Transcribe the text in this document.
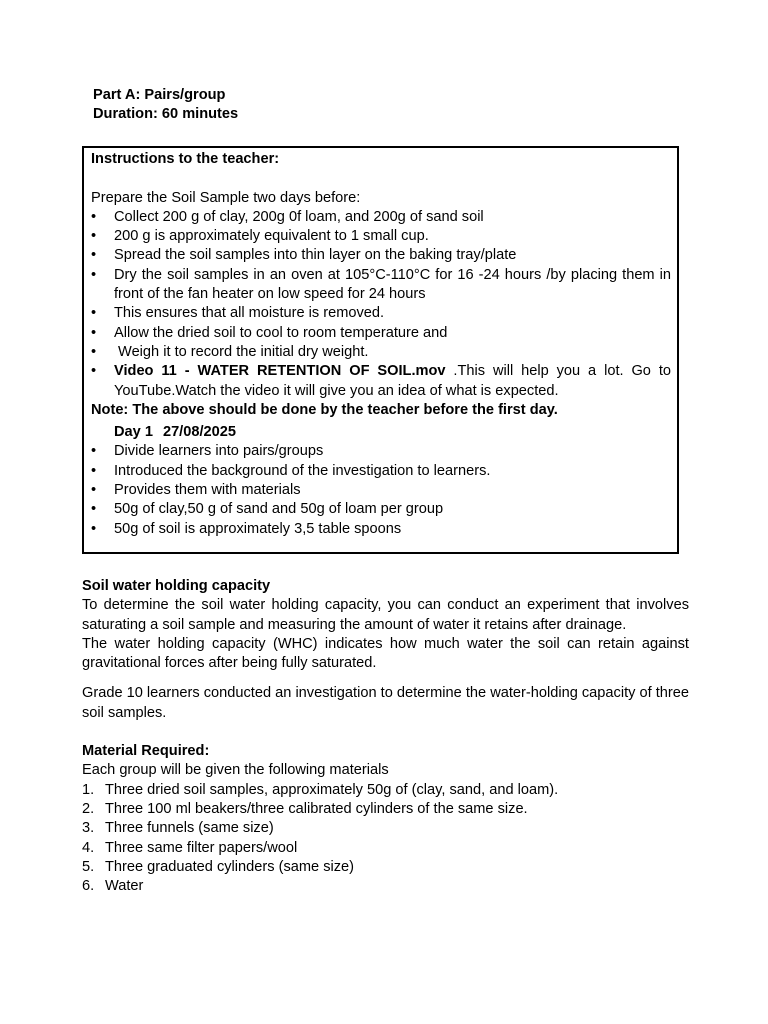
Part A: Pairs/group
Duration: 60 minutes
Instructions to the teacher:
Prepare the Soil Sample two days before:
•	Collect 200 g of clay, 200g 0f loam, and 200g of sand soil
•	200 g is approximately equivalent to 1 small cup.
•	Spread the soil samples into thin layer on the baking tray/plate
•	Dry the soil samples in an oven at 105°C-110°C for 16 -24 hours /by placing them in front of the fan heater on low speed for 24 hours
•	This ensures that all moisture is removed.
•	Allow the dried soil to cool to room temperature and
•	Weigh it to record the initial dry weight.
•	Video 11 - WATER RETENTION OF SOIL.mov .This will help you a lot. Go to YouTube.Watch the video it will give you an idea of what is expected.
Note: The above should be done by the teacher before the first day.
Day 1 27/08/2025
•	Divide learners into pairs/groups
•	Introduced the background of the investigation to learners.
•	Provides them with materials
•	50g of clay,50 g of sand and 50g of loam per group
•	50g of soil is approximately 3,5 table spoons

Soil water holding capacity

To determine the soil water holding capacity, you can conduct an experiment that involves saturating a soil sample and measuring the amount of water it retains after drainage.

The water holding capacity (WHC) indicates how much water the soil can retain against gravitational forces after being fully saturated.

Grade 10 learners conducted an investigation to determine the water-holding capacity of three soil samples.

Material Required:

Each group will be given the following materials

1. Three dried soil samples, approximately 50g of (clay, sand, and loam).
2. Three 100 ml beakers/three calibrated cylinders of the same size.
3. Three funnels (same size)
4. Three same filter papers/wool
5. Three graduated cylinders (same size)
6. Water
